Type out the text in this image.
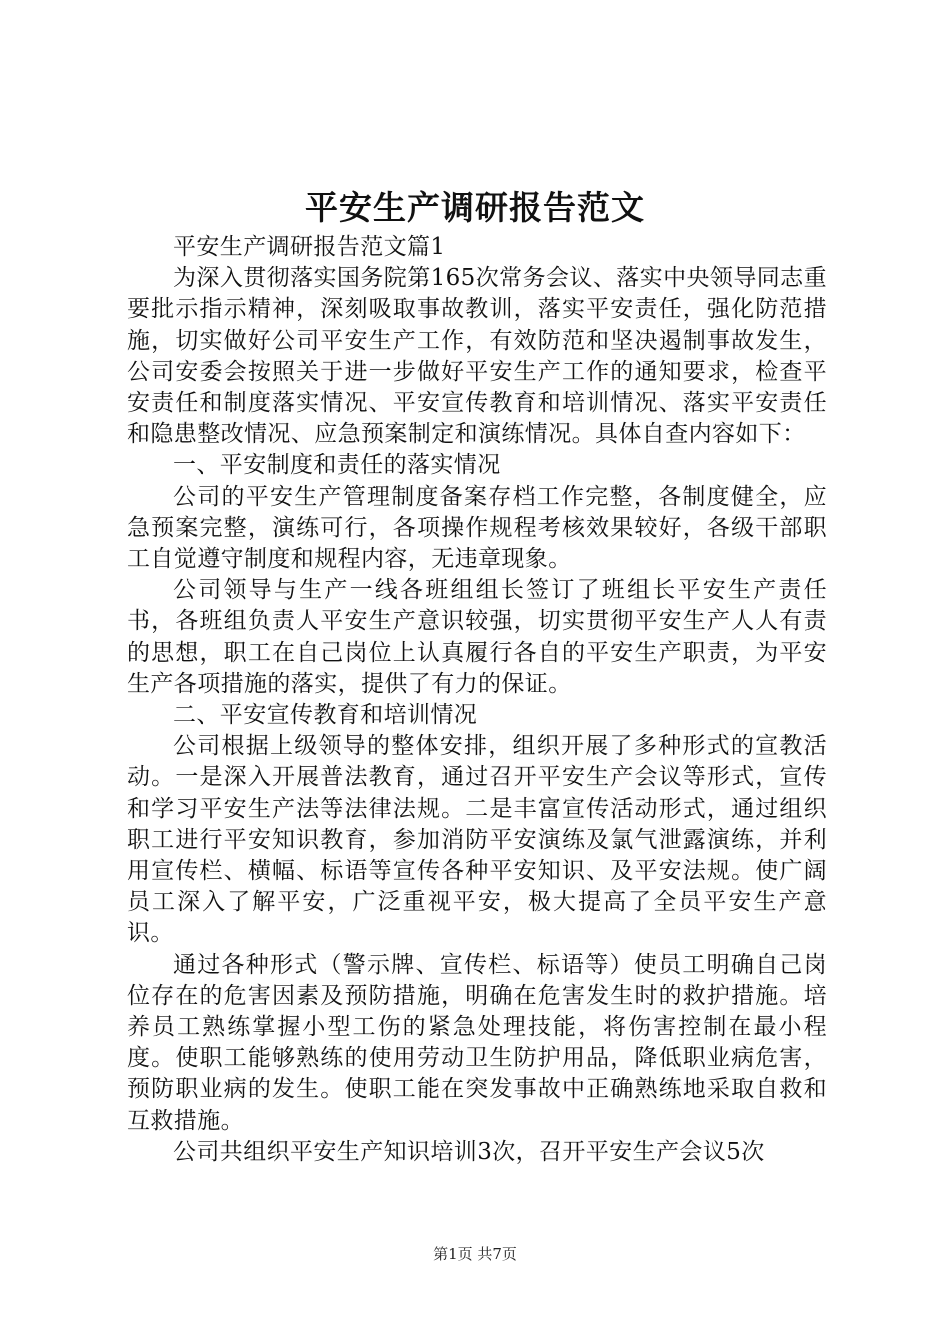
平安生产调研报告范文

平安生产调研报告范文篇1

为深入贯彻落实国务院第165次常务会议、落实中央领导同志重要批示指示精神，深刻吸取事故教训，落实平安责任，强化防范措施，切实做好公司平安生产工作，有效防范和坚决遏制事故发生，公司安委会按照关于进一步做好平安生产工作的通知要求，检查平安责任和制度落实情况、平安宣传教育和培训情况、落实平安责任和隐患整改情况、应急预案制定和演练情况。具体自查内容如下：

一、平安制度和责任的落实情况

公司的平安生产管理制度备案存档工作完整，各制度健全，应急预案完整，演练可行，各项操作规程考核效果较好，各级干部职工自觉遵守制度和规程内容，无违章现象。

公司领导与生产一线各班组组长签订了班组长平安生产责任书，各班组负责人平安生产意识较强，切实贯彻平安生产人人有责的思想，职工在自己岗位上认真履行各自的平安生产职责，为平安生产各项措施的落实，提供了有力的保证。

二、平安宣传教育和培训情况

公司根据上级领导的整体安排，组织开展了多种形式的宣教活动。一是深入开展普法教育，通过召开平安生产会议等形式，宣传和学习平安生产法等法律法规。二是丰富宣传活动形式，通过组织职工进行平安知识教育，参加消防平安演练及氯气泄露演练，并利用宣传栏、横幅、标语等宣传各种平安知识、及平安法规。使广阔员工深入了解平安，广泛重视平安，极大提高了全员平安生产意识。

通过各种形式（警示牌、宣传栏、标语等）使员工明确自己岗位存在的危害因素及预防措施，明确在危害发生时的救护措施。培养员工熟练掌握小型工伤的紧急处理技能，将伤害控制在最小程度。使职工能够熟练的使用劳动卫生防护用品，降低职业病危害，预防职业病的发生。使职工能在突发事故中正确熟练地采取自救和互救措施。

公司共组织平安生产知识培训3次，召开平安生产会议5次

第1页 共7页
